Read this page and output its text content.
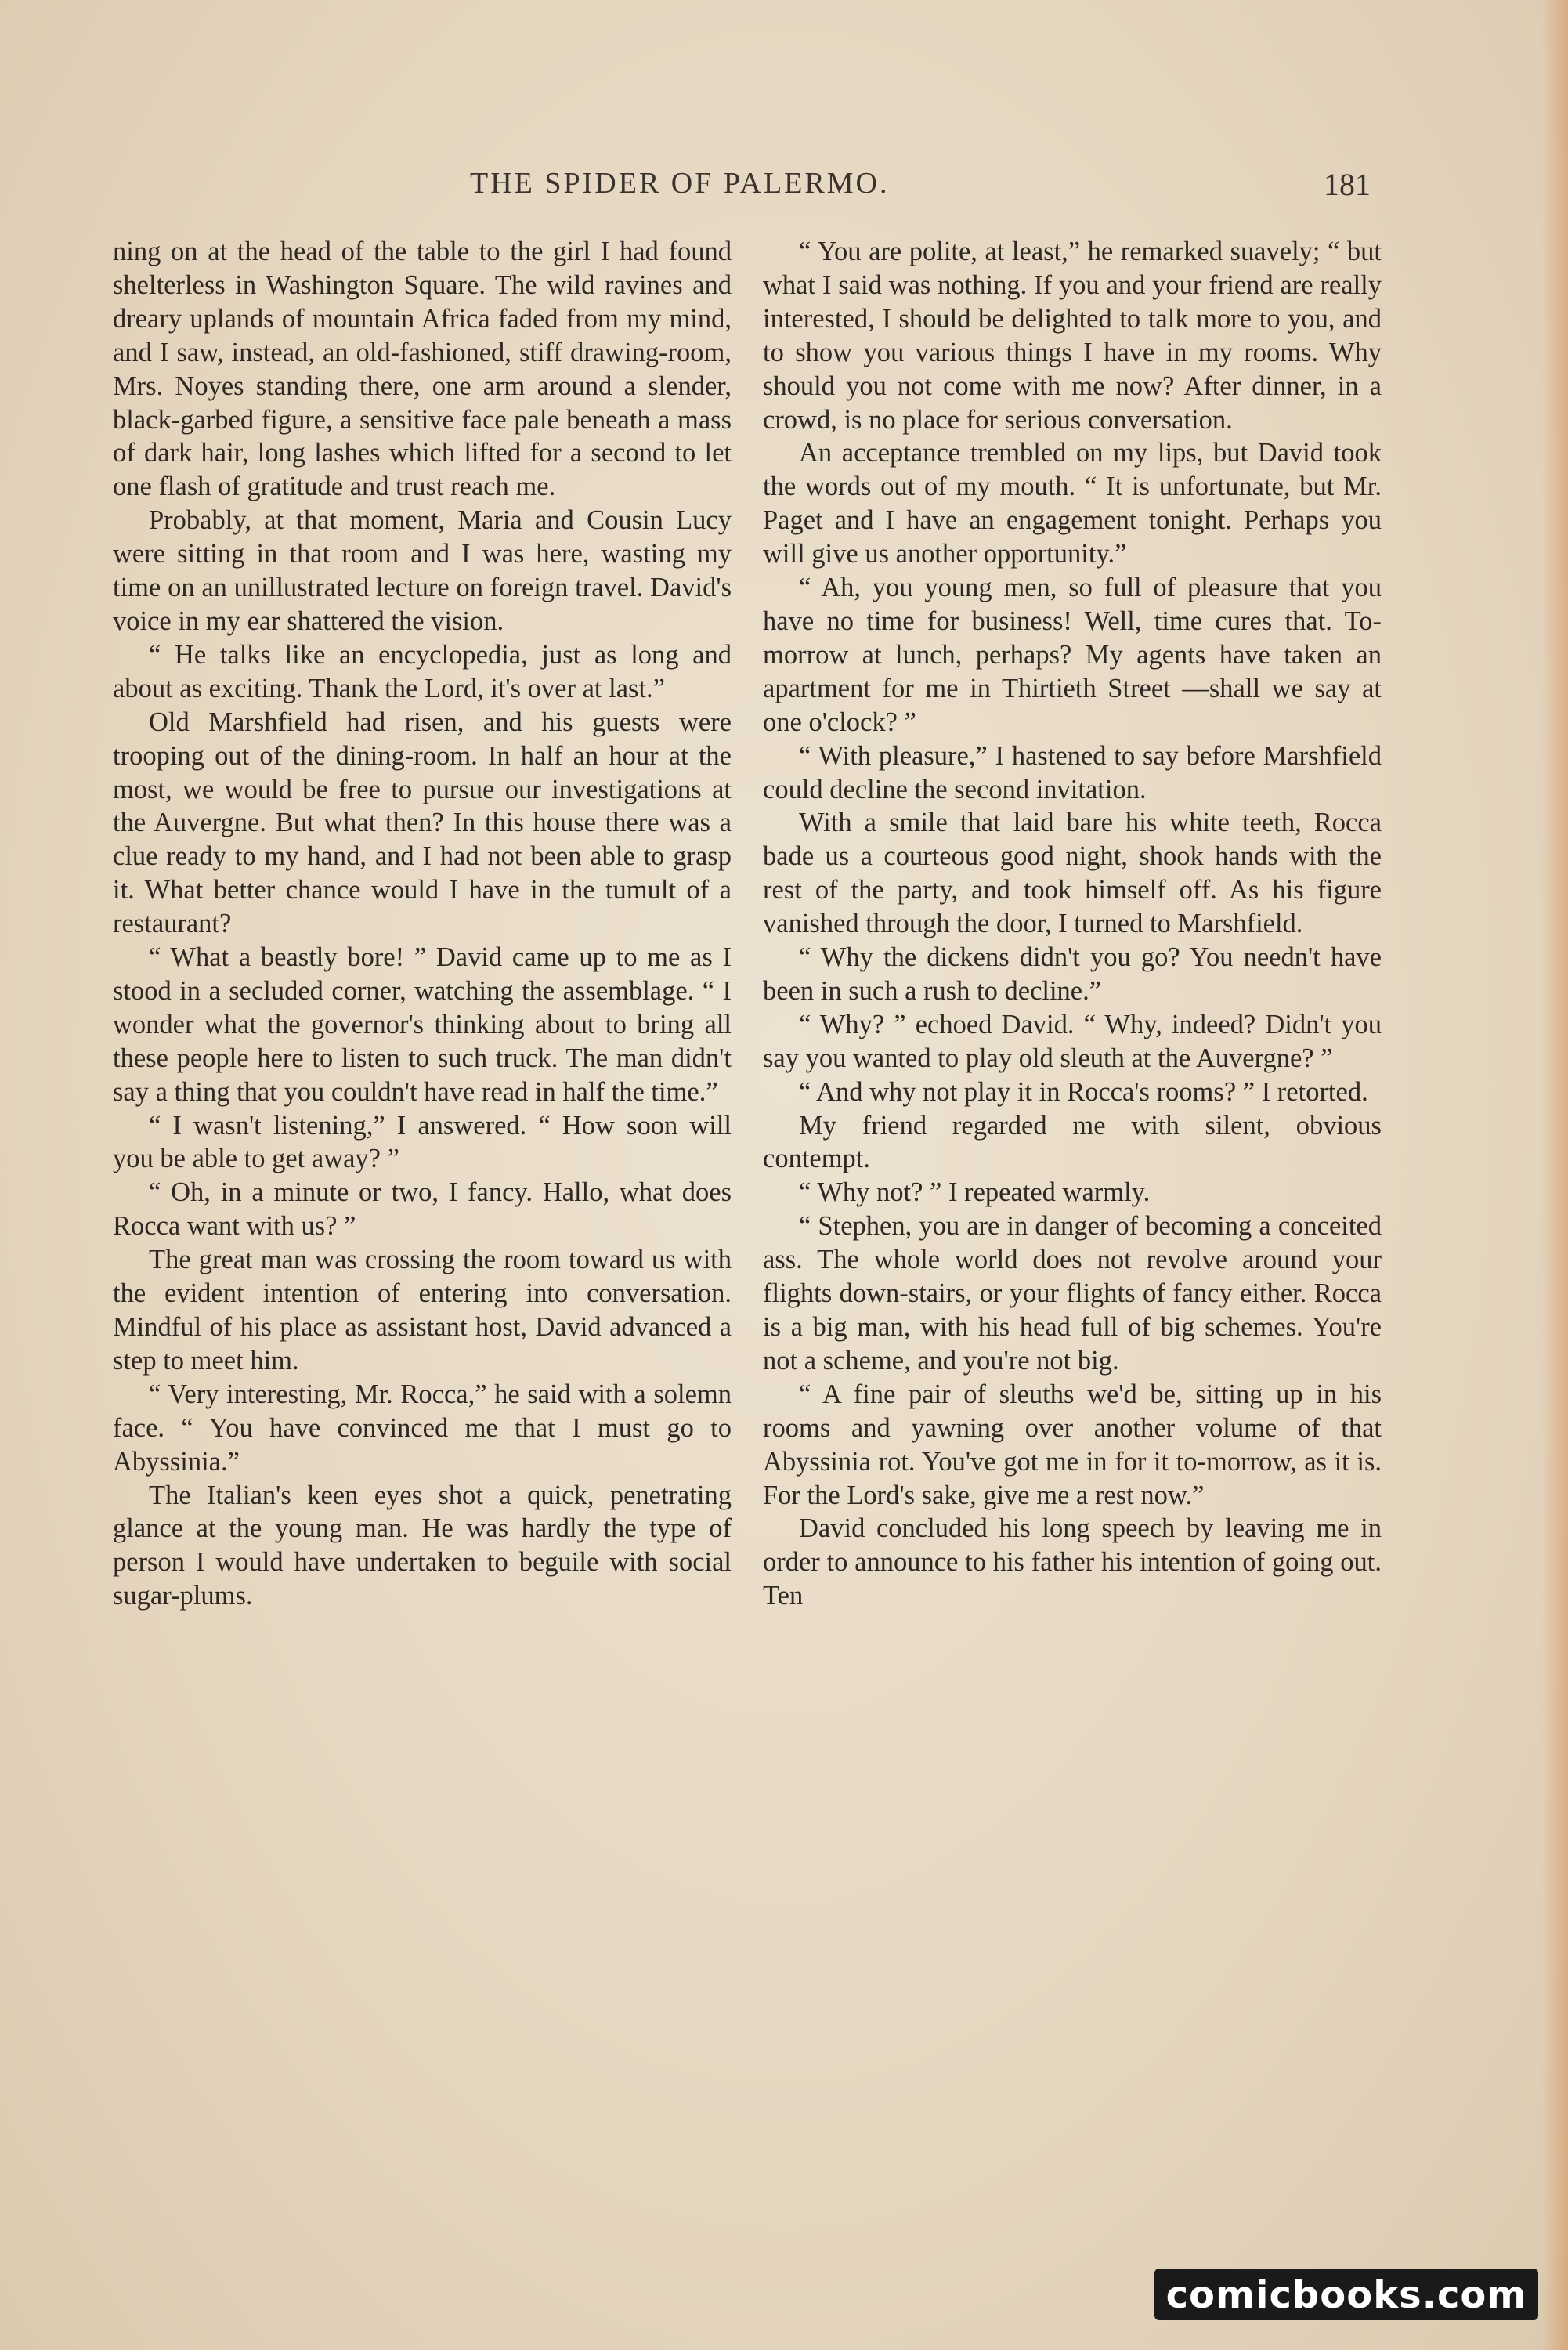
THE SPIDER OF PALERMO.	181

ning on at the head of the table to the girl I had found shelterless in Washington Square. The wild ravines and dreary uplands of mountain Africa faded from my mind, and I saw, instead, an old-fashioned, stiff drawing-room, Mrs. Noyes standing there, one arm around a slender, black-garbed figure, a sensitive face pale beneath a mass of dark hair, long lashes which lifted for a second to let one flash of gratitude and trust reach me.

Probably, at that moment, Maria and Cousin Lucy were sitting in that room and I was here, wasting my time on an unillustrated lecture on foreign travel. David's voice in my ear shattered the vision.

“ He talks like an encyclopedia, just as long and about as exciting. Thank the Lord, it's over at last.”

Old Marshfield had risen, and his guests were trooping out of the dining-room. In half an hour at the most, we would be free to pursue our investigations at the Auvergne. But what then? In this house there was a clue ready to my hand, and I had not been able to grasp it. What better chance would I have in the tumult of a restaurant?

“ What a beastly bore! ” David came up to me as I stood in a secluded corner, watching the assemblage. “ I wonder what the governor's thinking about to bring all these people here to listen to such truck. The man didn't say a thing that you couldn't have read in half the time.”

“ I wasn't listening,” I answered. “ How soon will you be able to get away? ”

“ Oh, in a minute or two, I fancy. Hallo, what does Rocca want with us? ”

The great man was crossing the room toward us with the evident intention of entering into conversation. Mindful of his place as assistant host, David advanced a step to meet him.

“ Very interesting, Mr. Rocca,” he said with a solemn face. “ You have convinced me that I must go to Abyssinia.”

The Italian's keen eyes shot a quick, penetrating glance at the young man. He was hardly the type of person I would have undertaken to beguile with social sugar-plums.

“ You are polite, at least,” he remarked suavely; “ but what I said was nothing. If you and your friend are really interested, I should be delighted to talk more to you, and to show you various things I have in my rooms. Why should you not come with me now? After dinner, in a crowd, is no place for serious conversation.

An acceptance trembled on my lips, but David took the words out of my mouth. “ It is unfortunate, but Mr. Paget and I have an engagement tonight. Perhaps you will give us another opportunity.”

“ Ah, you young men, so full of pleasure that you have no time for business! Well, time cures that. To-morrow at lunch, perhaps? My agents have taken an apartment for me in Thirtieth Street —shall we say at one o'clock? ”

“ With pleasure,” I hastened to say before Marshfield could decline the second invitation.

With a smile that laid bare his white teeth, Rocca bade us a courteous good night, shook hands with the rest of the party, and took himself off. As his figure vanished through the door, I turned to Marshfield.

“ Why the dickens didn't you go? You needn't have been in such a rush to decline.”

“ Why? ” echoed David. “ Why, indeed? Didn't you say you wanted to play old sleuth at the Auvergne? ”

“ And why not play it in Rocca's rooms? ” I retorted.

My friend regarded me with silent, obvious contempt.

“ Why not? ” I repeated warmly.

“ Stephen, you are in danger of becoming a conceited ass. The whole world does not revolve around your flights down-stairs, or your flights of fancy either. Rocca is a big man, with his head full of big schemes. You're not a scheme, and you're not big.

“ A fine pair of sleuths we'd be, sitting up in his rooms and yawning over another volume of that Abyssinia rot. You've got me in for it to-morrow, as it is. For the Lord's sake, give me a rest now.”

David concluded his long speech by leaving me in order to announce to his father his intention of going out. Ten

comicbooks.com
